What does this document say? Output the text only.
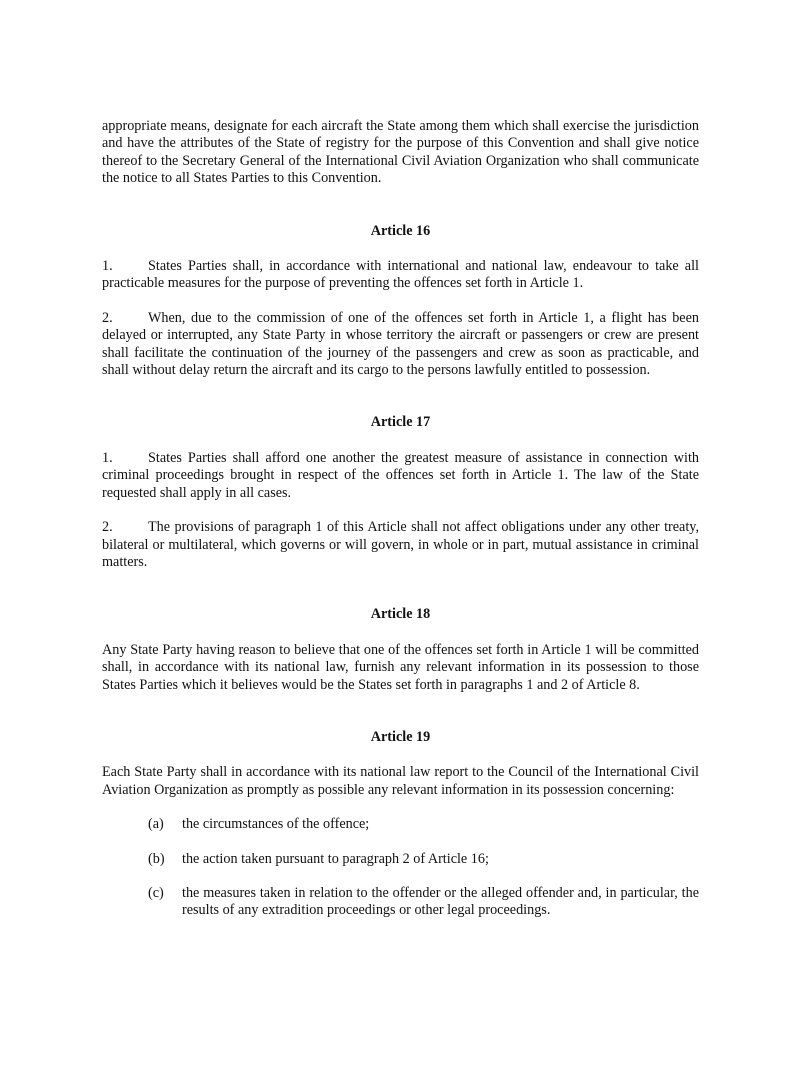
appropriate means, designate for each aircraft the State among them which shall exercise the jurisdiction and have the attributes of the State of registry for the purpose of this Convention and shall give notice thereof to the Secretary General of the International Civil Aviation Organization who shall communicate the notice to all States Parties to this Convention.

Article 16

1. States Parties shall, in accordance with international and national law, endeavour to take all practicable measures for the purpose of preventing the offences set forth in Article 1.

2. When, due to the commission of one of the offences set forth in Article 1, a flight has been delayed or interrupted, any State Party in whose territory the aircraft or passengers or crew are present shall facilitate the continuation of the journey of the passengers and crew as soon as practicable, and shall without delay return the aircraft and its cargo to the persons lawfully entitled to possession.

Article 17

1. States Parties shall afford one another the greatest measure of assistance in connection with criminal proceedings brought in respect of the offences set forth in Article 1. The law of the State requested shall apply in all cases.

2. The provisions of paragraph 1 of this Article shall not affect obligations under any other treaty, bilateral or multilateral, which governs or will govern, in whole or in part, mutual assistance in criminal matters.

Article 18

Any State Party having reason to believe that one of the offences set forth in Article 1 will be committed shall, in accordance with its national law, furnish any relevant information in its possession to those States Parties which it believes would be the States set forth in paragraphs 1 and 2 of Article 8.

Article 19

Each State Party shall in accordance with its national law report to the Council of the International Civil Aviation Organization as promptly as possible any relevant information in its possession concerning:

(a)	the circumstances of the offence;
(b)	the action taken pursuant to paragraph 2 of Article 16;
(c)	the measures taken in relation to the offender or the alleged offender and, in particular, the results of any extradition proceedings or other legal proceedings.
